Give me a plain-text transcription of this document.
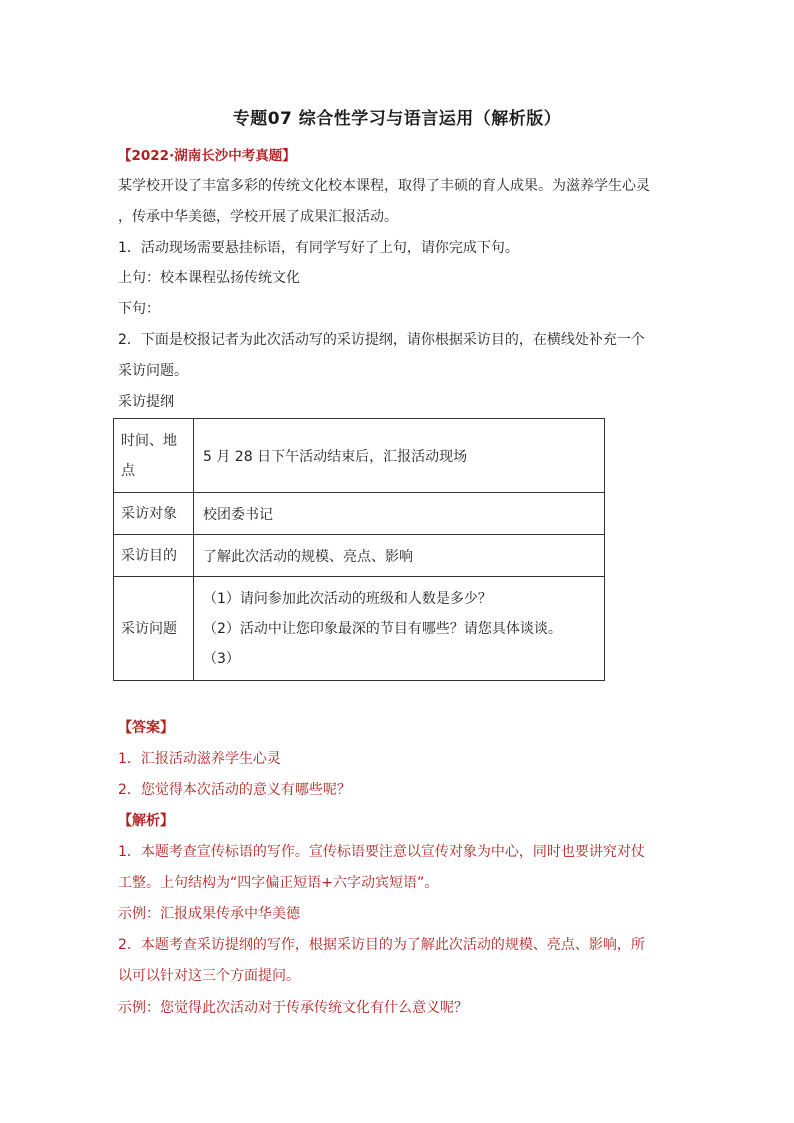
专题07 综合性学习与语言运用（解析版）
【2022·湖南长沙中考真题】
某学校开设了丰富多彩的传统文化校本课程，取得了丰硕的育人成果。为滋养学生心灵
，传承中华美德，学校开展了成果汇报活动。
1．活动现场需要悬挂标语，有同学写好了上句，请你完成下句。
上句：校本课程弘扬传统文化
下句：
2．下面是校报记者为此次活动写的采访提纲，请你根据采访目的，在横线处补充一个
采访问题。
采访提纲
时间、地
点	5 月 28 日下午活动结束后，汇报活动现场
采访对象	校团委书记
采访目的	了解此次活动的规模、亮点、影响
采访问题	（1）请问参加此次活动的班级和人数是多少？
（2）活动中让您印象最深的节目有哪些？请您具体谈谈。
（3）
【答案】
1．汇报活动滋养学生心灵
2．您觉得本次活动的意义有哪些呢？
【解析】
1．本题考查宣传标语的写作。宣传标语要注意以宣传对象为中心，同时也要讲究对仗
工整。上句结构为“四字偏正短语+六字动宾短语”。
示例：汇报成果传承中华美德
2．本题考查采访提纲的写作，根据采访目的为了解此次活动的规模、亮点、影响，所
以可以针对这三个方面提问。
示例：您觉得此次活动对于传承传统文化有什么意义呢？
